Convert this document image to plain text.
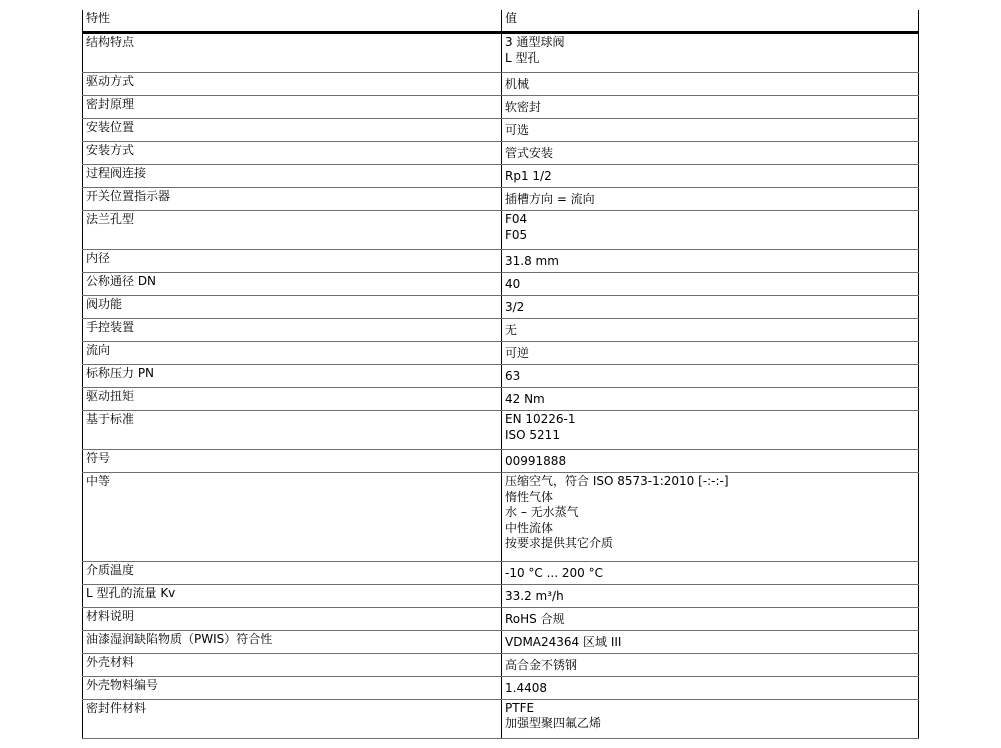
特性	值
结构特点	3 通型球阀
L 型孔
驱动方式	机械
密封原理	软密封
安装位置	可选
安装方式	管式安装
过程阀连接	Rp1 1/2
开关位置指示器	插槽方向 = 流向
法兰孔型	F04
F05
内径	31.8 mm
公称通径 DN	40
阀功能	3/2
手控装置	无
流向	可逆
标称压力 PN	63
驱动扭矩	42 Nm
基于标准	EN 10226-1
ISO 5211
符号	00991888
中等	压缩空气，符合 ISO 8573-1:2010 [-:-:-]
惰性气体
水 – 无水蒸气
中性流体
按要求提供其它介质
介质温度	-10 °C ... 200 °C
L 型孔的流量 Kv	33.2 m³/h
材料说明	RoHS 合规
油漆湿润缺陷物质（PWIS）符合性	VDMA24364 区域 III
外壳材料	高合金不锈钢
外壳物料编号	1.4408
密封件材料	PTFE
加强型聚四氟乙烯
